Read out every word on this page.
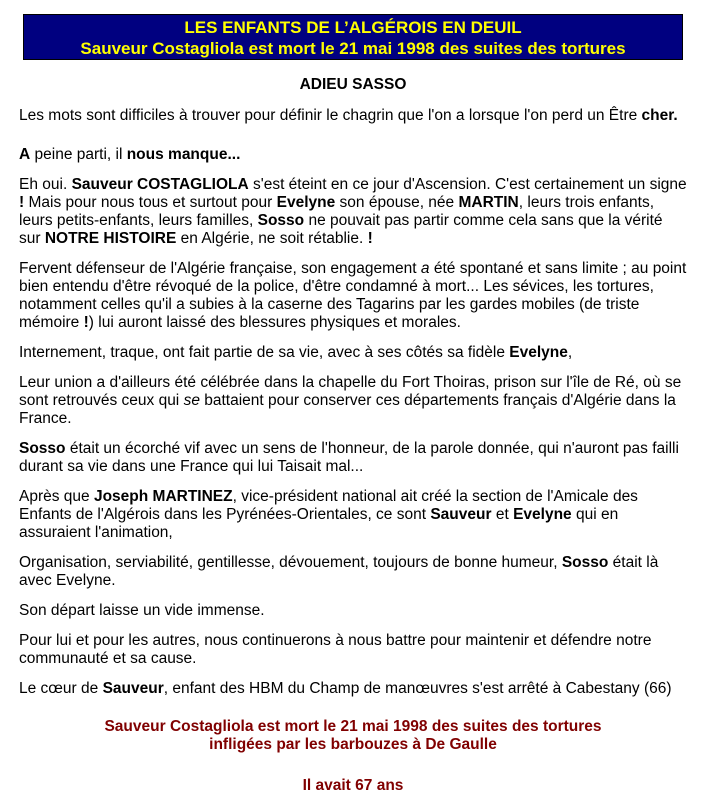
LES ENFANTS DE L’ALGÉROIS EN DEUIL
Sauveur Costagliola est mort le 21 mai 1998 des suites des tortures
ADIEU SASSO

Les mots sont difficiles à trouver pour définir le chagrin que l'on a lorsque l'on perd un Être cher.

A peine parti, il nous manque...

Eh oui. Sauveur COSTAGLIOLA s'est éteint en ce jour d'Ascension. C'est certainement un signe ! Mais pour nous tous et surtout pour Evelyne son épouse, née MARTIN, leurs trois enfants, leurs petits-enfants, leurs familles, Sosso ne pouvait pas partir comme cela sans que la vérité sur NOTRE HISTOIRE en Algérie, ne soit rétablie. !

Fervent défenseur de l'Algérie française, son engagement a été spontané et sans limite ; au point bien entendu d'être révoqué de la police, d'être condamné à mort... Les sévices, les tortures, notamment celles qu'il a subies à la caserne des Tagarins par les gardes mobiles (de triste mémoire !) lui auront laissé des blessures physiques et morales.

Internement, traque, ont fait partie de sa vie, avec à ses côtés sa fidèle Evelyne,

Leur union a d'ailleurs été célébrée dans la chapelle du Fort Thoiras, prison sur l'île de Ré, où se sont retrouvés ceux qui se battaient pour conserver ces départements français d'Algérie dans la France.

Sosso était un écorché vif avec un sens de l'honneur, de la parole donnée, qui n'auront pas failli durant sa vie dans une France qui lui Taisait mal...

Après que Joseph MARTINEZ, vice-président national ait créé la section de l'Amicale des Enfants de l'Algérois dans les Pyrénées-Orientales, ce sont Sauveur et Evelyne qui en assuraient l'animation,

Organisation, serviabilité, gentillesse, dévouement, toujours de bonne humeur, Sosso était là avec Evelyne.

Son départ laisse un vide immense.

Pour lui et pour les autres, nous continuerons à nous battre pour maintenir et défendre notre communauté et sa cause.

Le cœur de Sauveur, enfant des HBM du Champ de manœuvres s'est arrêté à Cabestany (66)

Sauveur Costagliola est mort le 21 mai 1998 des suites des tortures
infligées par les barbouzes à De Gaulle
Il avait 67 ans
